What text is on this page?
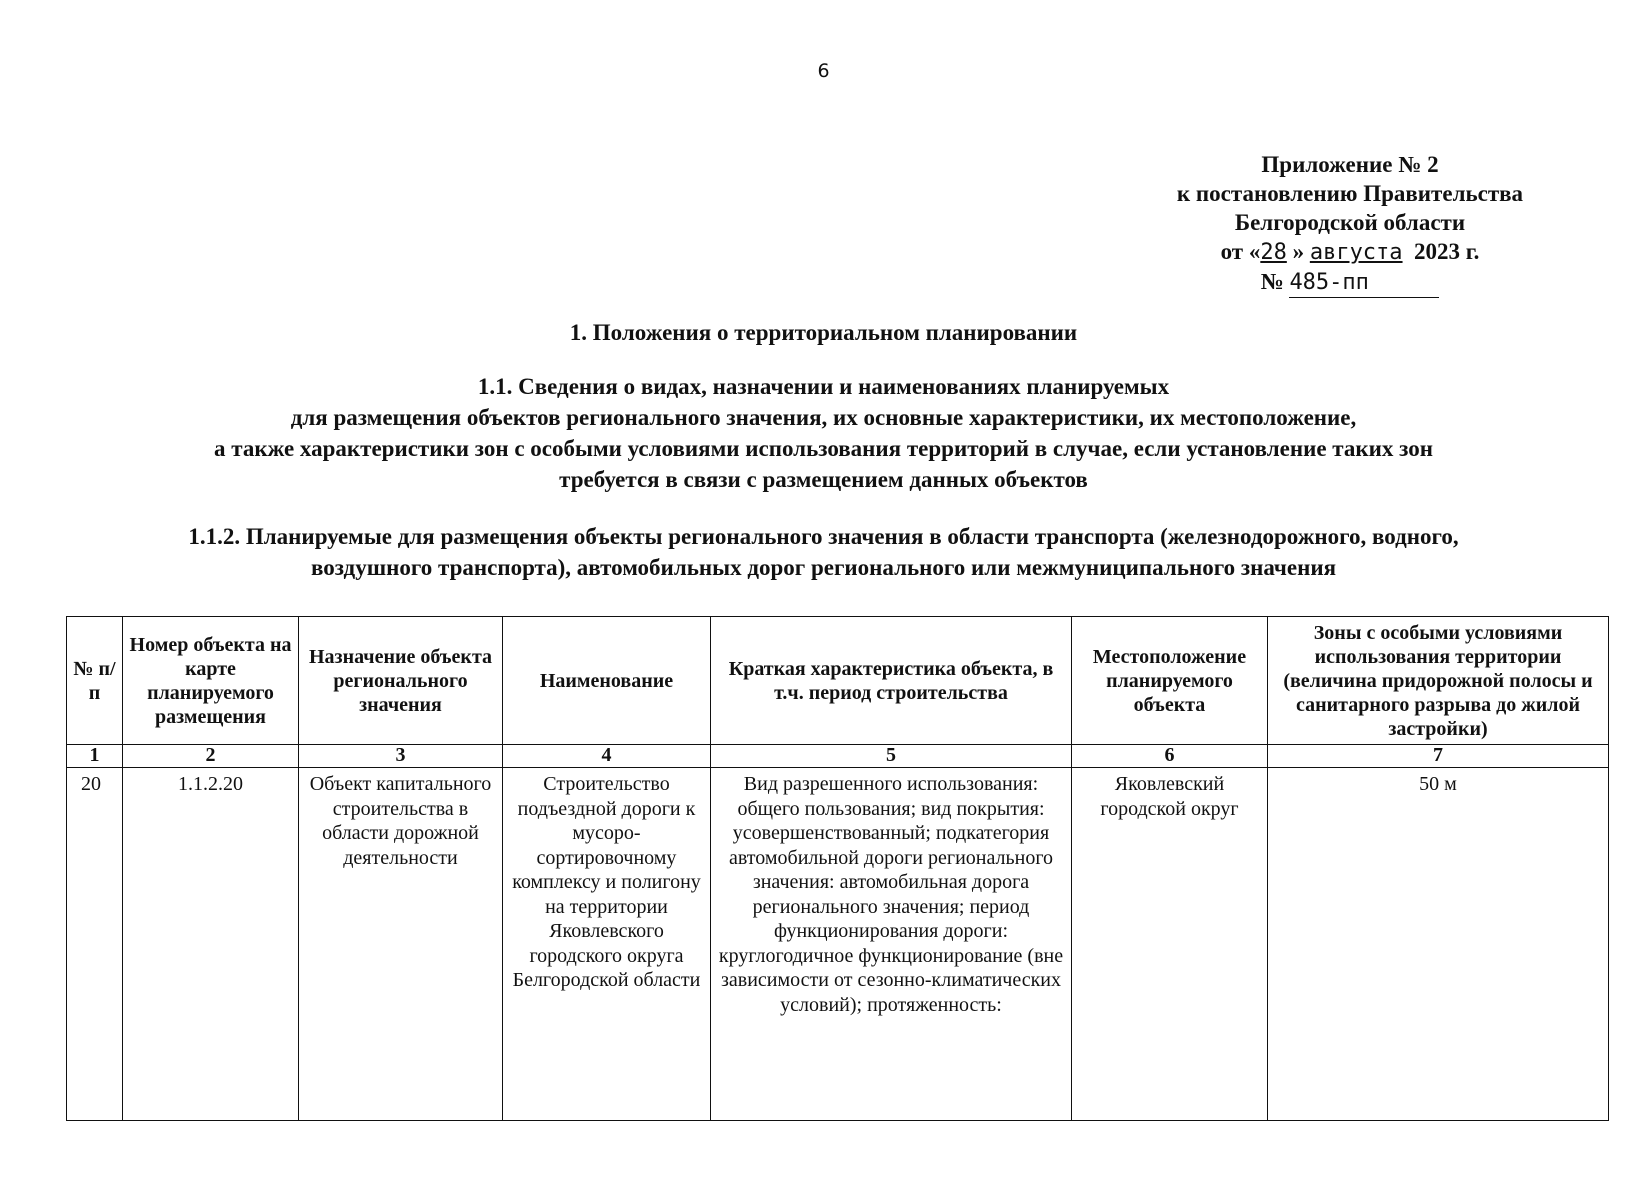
6
Приложение № 2
к постановлению Правительства
Белгородской области
от «28 » августа 2023 г.
№ 485-пп
1. Положения о территориальном планировании
1.1. Сведения о видах, назначении и наименованиях планируемых
для размещения объектов регионального значения, их основные характеристики, их местоположение,
а также характеристики зон с особыми условиями использования территорий в случае, если установление таких зон
требуется в связи с размещением данных объектов
1.1.2. Планируемые для размещения объекты регионального значения в области транспорта (железнодорожного, водного,
воздушного транспорта), автомобильных дорог регионального или межмуниципального значения
№ п/п	Номер объекта на карте планируемого размещения	Назначение объекта регионального значения	Наименование	Краткая характеристика объекта, в т.ч. период строительства	Местоположение планируемого объекта	Зоны с особыми условиями использования территории (величина придорожной полосы и санитарного разрыва до жилой застройки)
1	2	3	4	5	6	7
20	1.1.2.20	Объект капитального строительства в области дорожной деятельности	Строительство подъездной дороги к мусоро-сортировочному комплексу и полигону на территории Яковлевского городского округа Белгородской области	Вид разрешенного использования: общего пользования; вид покрытия: усовершенствованный; подкатегория автомобильной дороги регионального значения: автомобильная дорога регионального значения; период функционирования дороги: круглогодичное функционирование (вне зависимости от сезонно-климатических условий); протяженность:	Яковлевский городской округ	50 м
